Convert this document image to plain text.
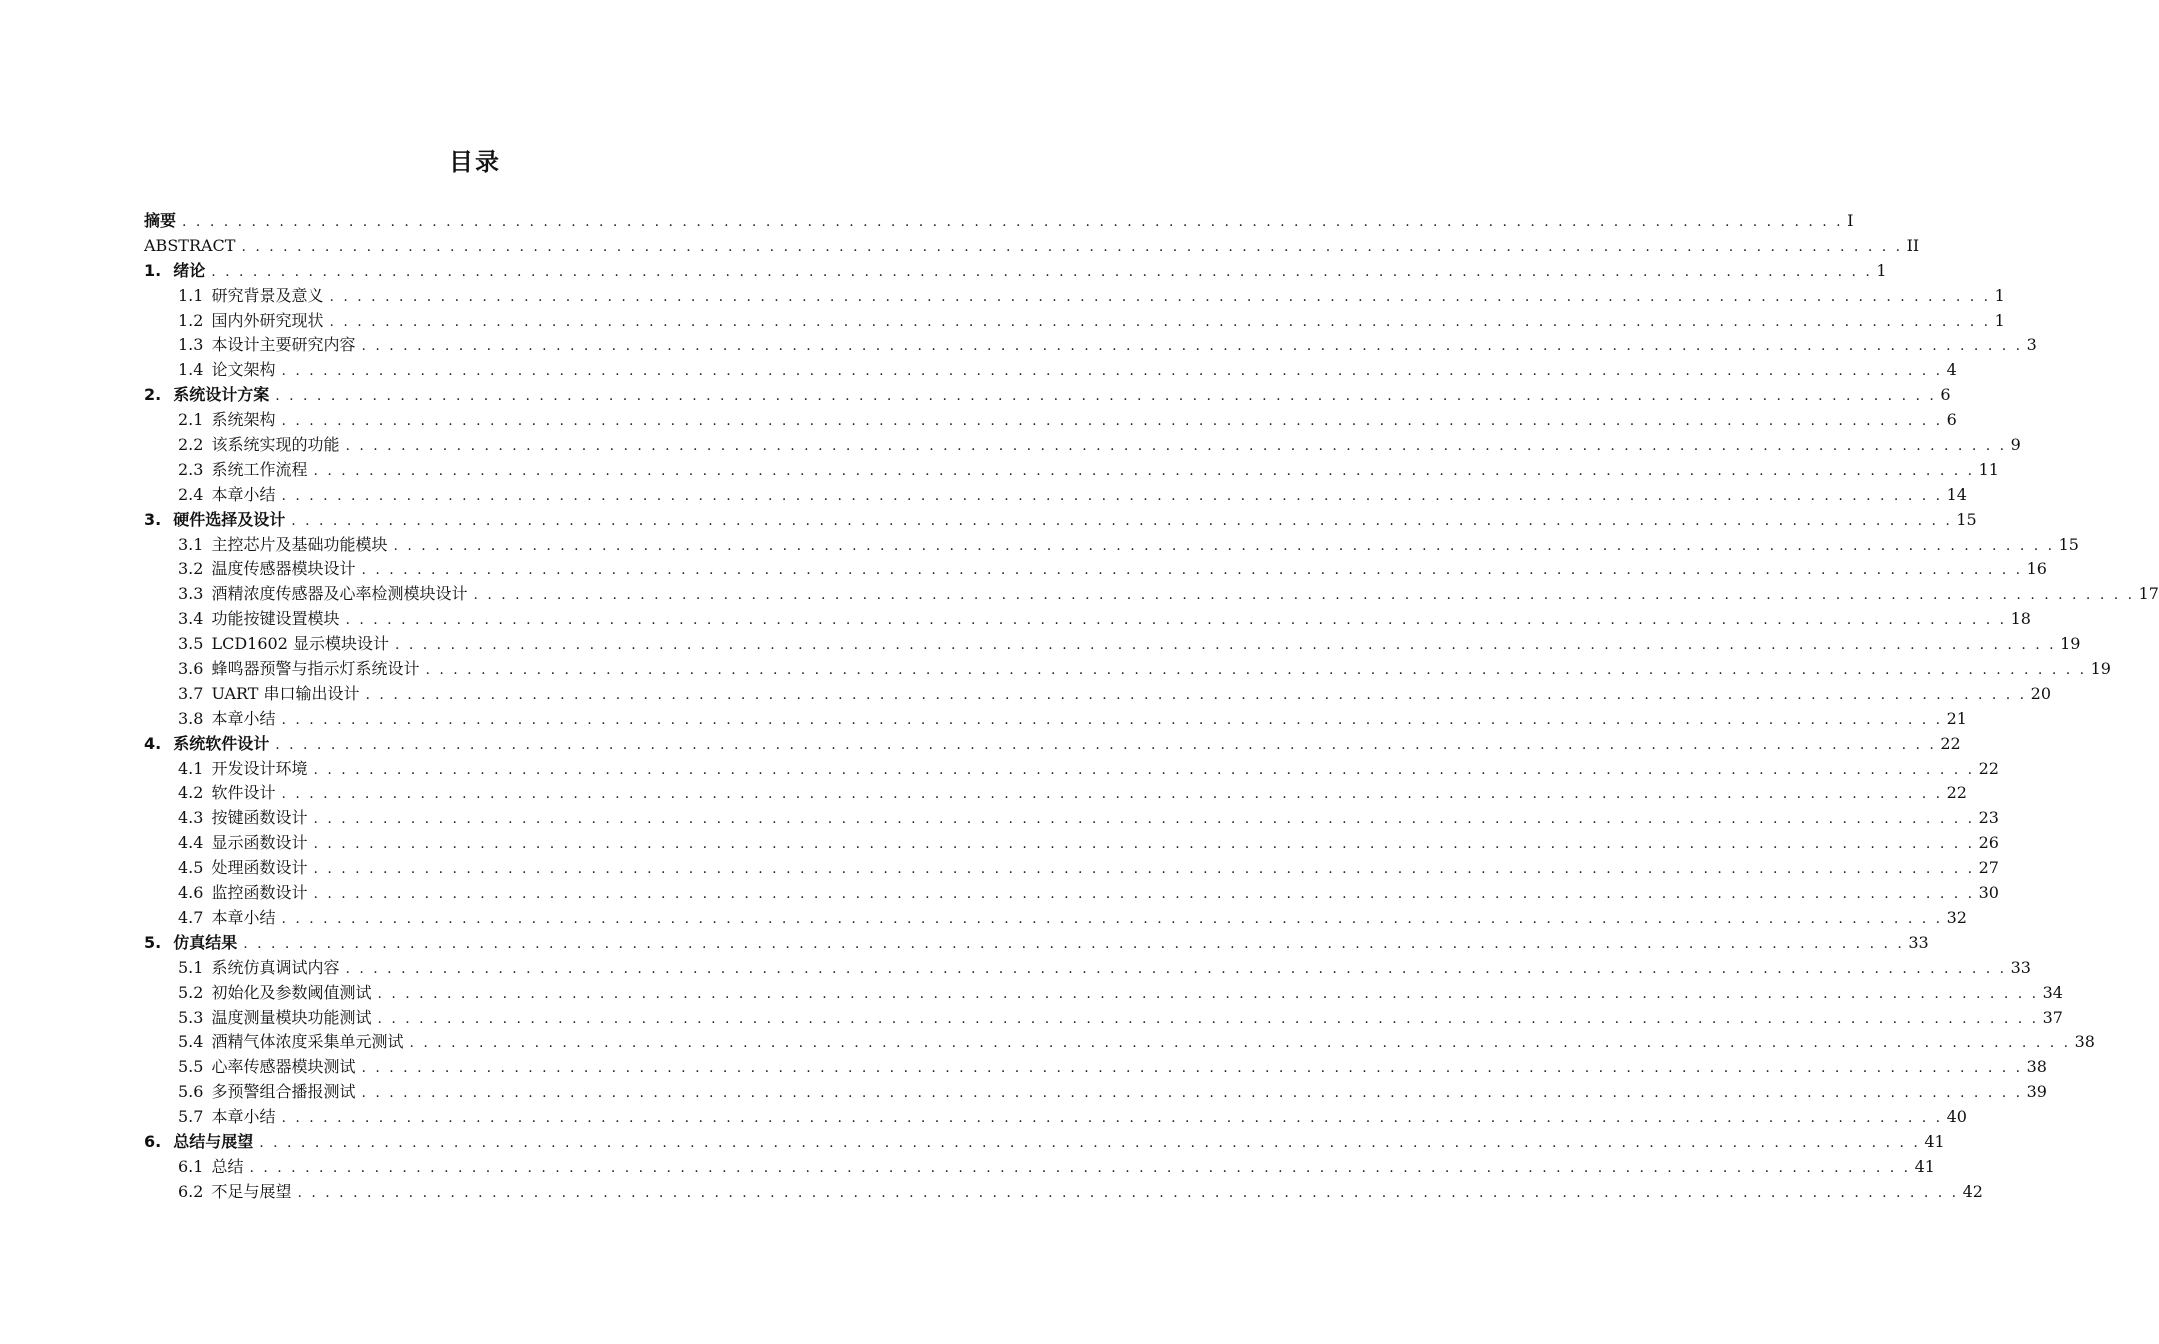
目录
摘要 . . . . . . . . . . . . . . . . . . . . . . . . . . . . . . . . . . . . . . . . . . . . . . . . . . . . . . . . . . . . . . . . . . . . . . . . . . . . . . . . . . . . . . . . . . . . . . . . . . . . . . . . . . . . . . . . . . . . . . . . I
ABSTRACT . . . . . . . . . . . . . . . . . . . . . . . . . . . . . . . . . . . . . . . . . . . . . . . . . . . . . . . . . . . . . . . . . . . . . . . . . . . . . . . . . . . . . . . . . . . . . . . . . . . . . . . . . . . . . . . . . . . . . . . . II
1. 绪论 . . . . . . . . . . . . . . . . . . . . . . . . . . . . . . . . . . . . . . . . . . . . . . . . . . . . . . . . . . . . . . . . . . . . . . . . . . . . . . . . . . . . . . . . . . . . . . . . . . . . . . . . . . . . . . . . . . . . . . . . 1
1.1 研究背景及意义 . . . . . . . . . . . . . . . . . . . . . . . . . . . . . . . . . . . . . . . . . . . . . . . . . . . . . . . . . . . . . . . . . . . . . . . . . . . . . . . . . . . . . . . . . . . . . . . . . . . . . . . . . . . . . . . . . . . . . . . . 1
1.2 国内外研究现状 . . . . . . . . . . . . . . . . . . . . . . . . . . . . . . . . . . . . . . . . . . . . . . . . . . . . . . . . . . . . . . . . . . . . . . . . . . . . . . . . . . . . . . . . . . . . . . . . . . . . . . . . . . . . . . . . . . . . . . . . 1
1.3 本设计主要研究内容 . . . . . . . . . . . . . . . . . . . . . . . . . . . . . . . . . . . . . . . . . . . . . . . . . . . . . . . . . . . . . . . . . . . . . . . . . . . . . . . . . . . . . . . . . . . . . . . . . . . . . . . . . . . . . . . . . . . . . . . . 3
1.4 论文架构 . . . . . . . . . . . . . . . . . . . . . . . . . . . . . . . . . . . . . . . . . . . . . . . . . . . . . . . . . . . . . . . . . . . . . . . . . . . . . . . . . . . . . . . . . . . . . . . . . . . . . . . . . . . . . . . . . . . . . . . . 4
2. 系统设计方案 . . . . . . . . . . . . . . . . . . . . . . . . . . . . . . . . . . . . . . . . . . . . . . . . . . . . . . . . . . . . . . . . . . . . . . . . . . . . . . . . . . . . . . . . . . . . . . . . . . . . . . . . . . . . . . . . . . . . . . . . 6
2.1 系统架构 . . . . . . . . . . . . . . . . . . . . . . . . . . . . . . . . . . . . . . . . . . . . . . . . . . . . . . . . . . . . . . . . . . . . . . . . . . . . . . . . . . . . . . . . . . . . . . . . . . . . . . . . . . . . . . . . . . . . . . . . 6
2.2 该系统实现的功能 . . . . . . . . . . . . . . . . . . . . . . . . . . . . . . . . . . . . . . . . . . . . . . . . . . . . . . . . . . . . . . . . . . . . . . . . . . . . . . . . . . . . . . . . . . . . . . . . . . . . . . . . . . . . . . . . . . . . . . . . 9
2.3 系统工作流程 . . . . . . . . . . . . . . . . . . . . . . . . . . . . . . . . . . . . . . . . . . . . . . . . . . . . . . . . . . . . . . . . . . . . . . . . . . . . . . . . . . . . . . . . . . . . . . . . . . . . . . . . . . . . . . . . . . . . . . . . 11
2.4 本章小结 . . . . . . . . . . . . . . . . . . . . . . . . . . . . . . . . . . . . . . . . . . . . . . . . . . . . . . . . . . . . . . . . . . . . . . . . . . . . . . . . . . . . . . . . . . . . . . . . . . . . . . . . . . . . . . . . . . . . . . . . 14
3. 硬件选择及设计 . . . . . . . . . . . . . . . . . . . . . . . . . . . . . . . . . . . . . . . . . . . . . . . . . . . . . . . . . . . . . . . . . . . . . . . . . . . . . . . . . . . . . . . . . . . . . . . . . . . . . . . . . . . . . . . . . . . . . . . . 15
3.1 主控芯片及基础功能模块 . . . . . . . . . . . . . . . . . . . . . . . . . . . . . . . . . . . . . . . . . . . . . . . . . . . . . . . . . . . . . . . . . . . . . . . . . . . . . . . . . . . . . . . . . . . . . . . . . . . . . . . . . . . . . . . . . . . . . . . . 15
3.2 温度传感器模块设计 . . . . . . . . . . . . . . . . . . . . . . . . . . . . . . . . . . . . . . . . . . . . . . . . . . . . . . . . . . . . . . . . . . . . . . . . . . . . . . . . . . . . . . . . . . . . . . . . . . . . . . . . . . . . . . . . . . . . . . . . 16
3.3 酒精浓度传感器及心率检测模块设计 . . . . . . . . . . . . . . . . . . . . . . . . . . . . . . . . . . . . . . . . . . . . . . . . . . . . . . . . . . . . . . . . . . . . . . . . . . . . . . . . . . . . . . . . . . . . . . . . . . . . . . . . . . . . . . . . . . . . . . . . 17
3.4 功能按键设置模块 . . . . . . . . . . . . . . . . . . . . . . . . . . . . . . . . . . . . . . . . . . . . . . . . . . . . . . . . . . . . . . . . . . . . . . . . . . . . . . . . . . . . . . . . . . . . . . . . . . . . . . . . . . . . . . . . . . . . . . . . 18
3.5 LCD1602 显示模块设计 . . . . . . . . . . . . . . . . . . . . . . . . . . . . . . . . . . . . . . . . . . . . . . . . . . . . . . . . . . . . . . . . . . . . . . . . . . . . . . . . . . . . . . . . . . . . . . . . . . . . . . . . . . . . . . . . . . . . . . . . 19
3.6 蜂鸣器预警与指示灯系统设计 . . . . . . . . . . . . . . . . . . . . . . . . . . . . . . . . . . . . . . . . . . . . . . . . . . . . . . . . . . . . . . . . . . . . . . . . . . . . . . . . . . . . . . . . . . . . . . . . . . . . . . . . . . . . . . . . . . . . . . . . 19
3.7 UART 串口输出设计 . . . . . . . . . . . . . . . . . . . . . . . . . . . . . . . . . . . . . . . . . . . . . . . . . . . . . . . . . . . . . . . . . . . . . . . . . . . . . . . . . . . . . . . . . . . . . . . . . . . . . . . . . . . . . . . . . . . . . . . . 20
3.8 本章小结 . . . . . . . . . . . . . . . . . . . . . . . . . . . . . . . . . . . . . . . . . . . . . . . . . . . . . . . . . . . . . . . . . . . . . . . . . . . . . . . . . . . . . . . . . . . . . . . . . . . . . . . . . . . . . . . . . . . . . . . . 21
4. 系统软件设计 . . . . . . . . . . . . . . . . . . . . . . . . . . . . . . . . . . . . . . . . . . . . . . . . . . . . . . . . . . . . . . . . . . . . . . . . . . . . . . . . . . . . . . . . . . . . . . . . . . . . . . . . . . . . . . . . . . . . . . . . 22
4.1 开发设计环境 . . . . . . . . . . . . . . . . . . . . . . . . . . . . . . . . . . . . . . . . . . . . . . . . . . . . . . . . . . . . . . . . . . . . . . . . . . . . . . . . . . . . . . . . . . . . . . . . . . . . . . . . . . . . . . . . . . . . . . . . 22
4.2 软件设计 . . . . . . . . . . . . . . . . . . . . . . . . . . . . . . . . . . . . . . . . . . . . . . . . . . . . . . . . . . . . . . . . . . . . . . . . . . . . . . . . . . . . . . . . . . . . . . . . . . . . . . . . . . . . . . . . . . . . . . . . 22
4.3 按键函数设计 . . . . . . . . . . . . . . . . . . . . . . . . . . . . . . . . . . . . . . . . . . . . . . . . . . . . . . . . . . . . . . . . . . . . . . . . . . . . . . . . . . . . . . . . . . . . . . . . . . . . . . . . . . . . . . . . . . . . . . . . 23
4.4 显示函数设计 . . . . . . . . . . . . . . . . . . . . . . . . . . . . . . . . . . . . . . . . . . . . . . . . . . . . . . . . . . . . . . . . . . . . . . . . . . . . . . . . . . . . . . . . . . . . . . . . . . . . . . . . . . . . . . . . . . . . . . . . 26
4.5 处理函数设计 . . . . . . . . . . . . . . . . . . . . . . . . . . . . . . . . . . . . . . . . . . . . . . . . . . . . . . . . . . . . . . . . . . . . . . . . . . . . . . . . . . . . . . . . . . . . . . . . . . . . . . . . . . . . . . . . . . . . . . . . 27
4.6 监控函数设计 . . . . . . . . . . . . . . . . . . . . . . . . . . . . . . . . . . . . . . . . . . . . . . . . . . . . . . . . . . . . . . . . . . . . . . . . . . . . . . . . . . . . . . . . . . . . . . . . . . . . . . . . . . . . . . . . . . . . . . . . 30
4.7 本章小结 . . . . . . . . . . . . . . . . . . . . . . . . . . . . . . . . . . . . . . . . . . . . . . . . . . . . . . . . . . . . . . . . . . . . . . . . . . . . . . . . . . . . . . . . . . . . . . . . . . . . . . . . . . . . . . . . . . . . . . . . 32
5. 仿真结果 . . . . . . . . . . . . . . . . . . . . . . . . . . . . . . . . . . . . . . . . . . . . . . . . . . . . . . . . . . . . . . . . . . . . . . . . . . . . . . . . . . . . . . . . . . . . . . . . . . . . . . . . . . . . . . . . . . . . . . . . 33
5.1 系统仿真调试内容 . . . . . . . . . . . . . . . . . . . . . . . . . . . . . . . . . . . . . . . . . . . . . . . . . . . . . . . . . . . . . . . . . . . . . . . . . . . . . . . . . . . . . . . . . . . . . . . . . . . . . . . . . . . . . . . . . . . . . . . . 33
5.2 初始化及参数阈值测试 . . . . . . . . . . . . . . . . . . . . . . . . . . . . . . . . . . . . . . . . . . . . . . . . . . . . . . . . . . . . . . . . . . . . . . . . . . . . . . . . . . . . . . . . . . . . . . . . . . . . . . . . . . . . . . . . . . . . . . . . 34
5.3 温度测量模块功能测试 . . . . . . . . . . . . . . . . . . . . . . . . . . . . . . . . . . . . . . . . . . . . . . . . . . . . . . . . . . . . . . . . . . . . . . . . . . . . . . . . . . . . . . . . . . . . . . . . . . . . . . . . . . . . . . . . . . . . . . . . 37
5.4 酒精气体浓度采集单元测试 . . . . . . . . . . . . . . . . . . . . . . . . . . . . . . . . . . . . . . . . . . . . . . . . . . . . . . . . . . . . . . . . . . . . . . . . . . . . . . . . . . . . . . . . . . . . . . . . . . . . . . . . . . . . . . . . . . . . . . . . 38
5.5 心率传感器模块测试 . . . . . . . . . . . . . . . . . . . . . . . . . . . . . . . . . . . . . . . . . . . . . . . . . . . . . . . . . . . . . . . . . . . . . . . . . . . . . . . . . . . . . . . . . . . . . . . . . . . . . . . . . . . . . . . . . . . . . . . . 38
5.6 多预警组合播报测试 . . . . . . . . . . . . . . . . . . . . . . . . . . . . . . . . . . . . . . . . . . . . . . . . . . . . . . . . . . . . . . . . . . . . . . . . . . . . . . . . . . . . . . . . . . . . . . . . . . . . . . . . . . . . . . . . . . . . . . . . 39
5.7 本章小结 . . . . . . . . . . . . . . . . . . . . . . . . . . . . . . . . . . . . . . . . . . . . . . . . . . . . . . . . . . . . . . . . . . . . . . . . . . . . . . . . . . . . . . . . . . . . . . . . . . . . . . . . . . . . . . . . . . . . . . . . 40
6. 总结与展望 . . . . . . . . . . . . . . . . . . . . . . . . . . . . . . . . . . . . . . . . . . . . . . . . . . . . . . . . . . . . . . . . . . . . . . . . . . . . . . . . . . . . . . . . . . . . . . . . . . . . . . . . . . . . . . . . . . . . . . . . 41
6.1 总结 . . . . . . . . . . . . . . . . . . . . . . . . . . . . . . . . . . . . . . . . . . . . . . . . . . . . . . . . . . . . . . . . . . . . . . . . . . . . . . . . . . . . . . . . . . . . . . . . . . . . . . . . . . . . . . . . . . . . . . . . 41
6.2 不足与展望 . . . . . . . . . . . . . . . . . . . . . . . . . . . . . . . . . . . . . . . . . . . . . . . . . . . . . . . . . . . . . . . . . . . . . . . . . . . . . . . . . . . . . . . . . . . . . . . . . . . . . . . . . . . . . . . . . . . . . . . . 42
